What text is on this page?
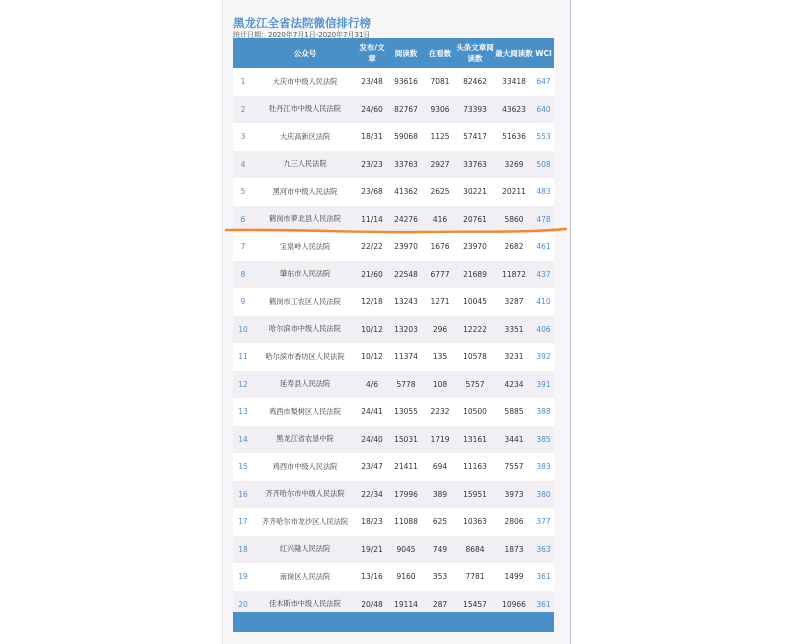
黑龙江全省法院微信排行榜
统计日期：2020年7月1日-2020年7月31日
	公众号	发布/文章	阅读数	在看数	头条文章阅读数	最大阅读数	WCI
1	大庆市中级人民法院	23/48	93616	7081	82462	33418	647
2	牡丹江市中级人民法院	24/60	82767	9306	73393	43623	640
3	大庆高新区法院	18/31	59068	1125	57417	51636	553
4	九三人民法院	23/23	33763	2927	33763	3269	508
5	黑河市中级人民法院	23/68	41362	2625	30221	20211	483
6	鹤岗市萝北县人民法院	11/14	24276	416	20761	5860	478
7	宝泉岭人民法院	22/22	23970	1676	23970	2682	461
8	肇东市人民法院	21/60	22548	6777	21689	11872	437
9	鹤岗市工农区人民法院	12/18	13243	1271	10045	3287	410
10	哈尔滨市中级人民法院	10/12	13203	296	12222	3351	406
11	哈尔滨市香坊区人民法院	10/12	11374	135	10578	3231	392
12	延寿县人民法院	4/6	5778	108	5757	4234	391
13	鸡西市梨树区人民法院	24/41	13055	2232	10500	5885	388
14	黑龙江省农垦中院	24/40	15031	1719	13161	3441	385
15	鸡西市中级人民法院	23/47	21411	694	11163	7557	383
16	齐齐哈尔市中级人民法院	22/34	17996	389	15951	3973	380
17	齐齐哈尔市龙沙区人民法院	18/23	11088	625	10363	2806	377
18	红兴隆人民法院	19/21	9045	749	8684	1873	363
19	南岗区人民法院	13/16	9160	353	7781	1499	361
20	佳木斯市中级人民法院	20/48	19114	287	15457	10966	361
